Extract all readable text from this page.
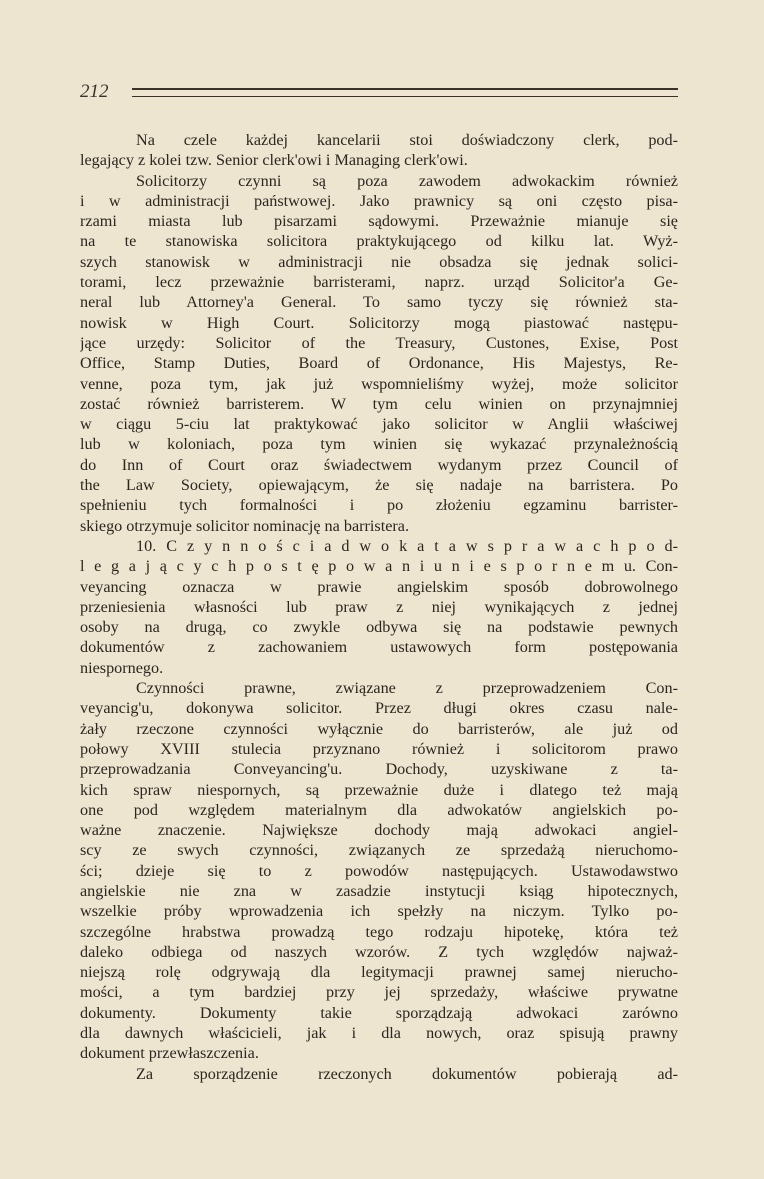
212
Na czele każdej kancelarii stoi doświadczony clerk, pod-
legający z kolei tzw. Senior clerk'owi i Managing clerk'owi.
Solicitorzy czynni są poza zawodem adwokackim również
i w administracji państwowej. Jako prawnicy są oni często pisa-
rzami miasta lub pisarzami sądowymi. Przeważnie mianuje się
na te stanowiska solicitora praktykującego od kilku lat. Wyż-
szych stanowisk w administracji nie obsadza się jednak solici-
torami, lecz przeważnie barristerami, naprz. urząd Solicitor'a Ge-
neral lub Attorney'a General. To samo tyczy się również sta-
nowisk w High Court. Solicitorzy mogą piastować następu-
jące urzędy: Solicitor of the Treasury, Custones, Exise, Post
Office, Stamp Duties, Board of Ordonance, His Majestys, Re-
venne, poza tym, jak już wspomnieliśmy wyżej, może solicitor
zostać również barristerem. W tym celu winien on przynajmniej
w ciągu 5-ciu lat praktykować jako solicitor w Anglii właściwej
lub w koloniach, poza tym winien się wykazać przynależnością
do Inn of Court oraz świadectwem wydanym przez Council of
the Law Society, opiewającym, że się nadaje na barristera. Po
spełnieniu tych formalności i po złożeniu egzaminu barrister-
skiego otrzymuje solicitor nominację na barristera.
10. C z y n n o ś c i a d w o k a t a w s p r a w a c h p o d-
l e g a j ą c y c h p o s t ę p o w a n i u n i e s p o r n e m u. Con-
veyancing oznacza w prawie angielskim sposób dobrowolnego
przeniesienia własności lub praw z niej wynikających z jednej
osoby na drugą, co zwykle odbywa się na podstawie pewnych
dokumentów z zachowaniem ustawowych form postępowania
niespornego.
Czynności prawne, związane z przeprowadzeniem Con-
veyancig'u, dokonywa solicitor. Przez długi okres czasu nale-
żały rzeczone czynności wyłącznie do barristerów, ale już od
połowy XVIII stulecia przyznano również i solicitorom prawo
przeprowadzania Conveyancing'u. Dochody, uzyskiwane z ta-
kich spraw niespornych, są przeważnie duże i dlatego też mają
one pod względem materialnym dla adwokatów angielskich po-
ważne znaczenie. Największe dochody mają adwokaci angiel-
scy ze swych czynności, związanych ze sprzedażą nieruchomo-
ści; dzieje się to z powodów następujących. Ustawodawstwo
angielskie nie zna w zasadzie instytucji ksiąg hipotecznych,
wszelkie próby wprowadzenia ich spełzły na niczym. Tylko po-
szczególne hrabstwa prowadzą tego rodzaju hipotekę, która też
daleko odbiega od naszych wzorów. Z tych względów najważ-
niejszą rolę odgrywają dla legitymacji prawnej samej nierucho-
mości, a tym bardziej przy jej sprzedaży, właściwe prywatne
dokumenty. Dokumenty takie sporządzają adwokaci zarówno
dla dawnych właścicieli, jak i dla nowych, oraz spisują prawny
dokument przewłaszczenia.
Za sporządzenie rzeczonych dokumentów pobierają ad-
